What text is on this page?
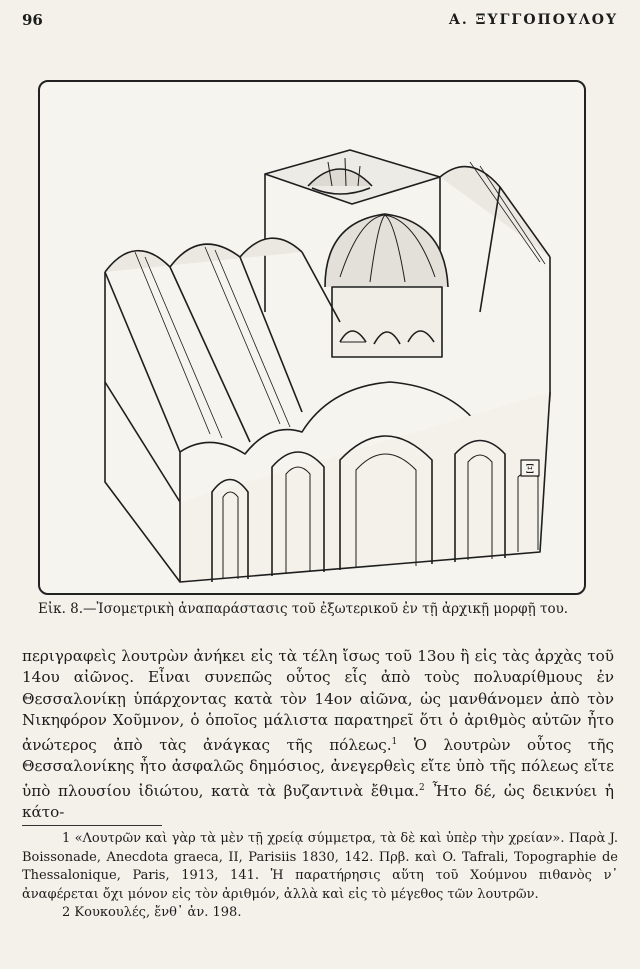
96	Α. ΞΥΓΓΟΠΟΥΛΟΥ
Ξ
Εἰκ. 8.—Ἰσομετρικὴ ἀναπαράστασις τοῦ ἐξωτερικοῦ ἐν τῇ ἀρχικῇ μορφῇ του.

περιγραφεὶς λουτρὼν ἀνήκει εἰς τὰ τέλη ἴσως τοῦ 13ου ἢ εἰς τὰς ἀρχὰς τοῦ 14ου αἰῶνος. Εἶναι συνεπῶς οὗτος εἷς ἀπὸ τοὺς πολυαρίθμους ἐν Θεσσαλονίκῃ ὑπάρχοντας κατὰ τὸν 14ον αἰῶνα, ὡς μανθάνομεν ἀπὸ τὸν Νικηφόρον Χοῦμνον, ὁ ὁποῖος μάλιστα παρατηρεῖ ὅτι ὁ ἀριθμὸς αὐτῶν ἦτο ἀνώτερος ἀπὸ τὰς ἀνάγκας τῆς πόλεως.$^1$ Ὁ λουτρὼν οὗτος τῆς Θεσσαλονίκης ἦτο ἀσφαλῶς δημόσιος, ἀνεγερθεὶς εἴτε ὑπὸ τῆς πόλεως εἴτε ὑπὸ πλουσίου ἰδιώτου, κατὰ τὰ βυζαντινὰ ἔθιμα.$^2$ Ἦτο δέ, ὡς δεικνύει ἡ κάτο-

1 «Λουτρῶν καὶ γὰρ τὰ μὲν τῇ χρείᾳ σύμμετρα, τὰ δὲ καὶ ὑπὲρ τὴν χρείαν». Παρὰ J. Boissonade, Anecdota graeca, II, Parisiis 1830, 142. Πρβ. καὶ O. Tafrali, Topographie de Thessalonique, Paris, 1913, 141. Ἡ παρατήρησις αὕτη τοῦ Χούμνου πιθανὸς ν᾽ ἀναφέρεται ὄχι μόνον εἰς τὸν ἀριθμόν, ἀλλὰ καὶ εἰς τὸ μέγεθος τῶν λουτρῶν.

2 Κουκουλές, ἔνθ᾽ ἀν. 198.
